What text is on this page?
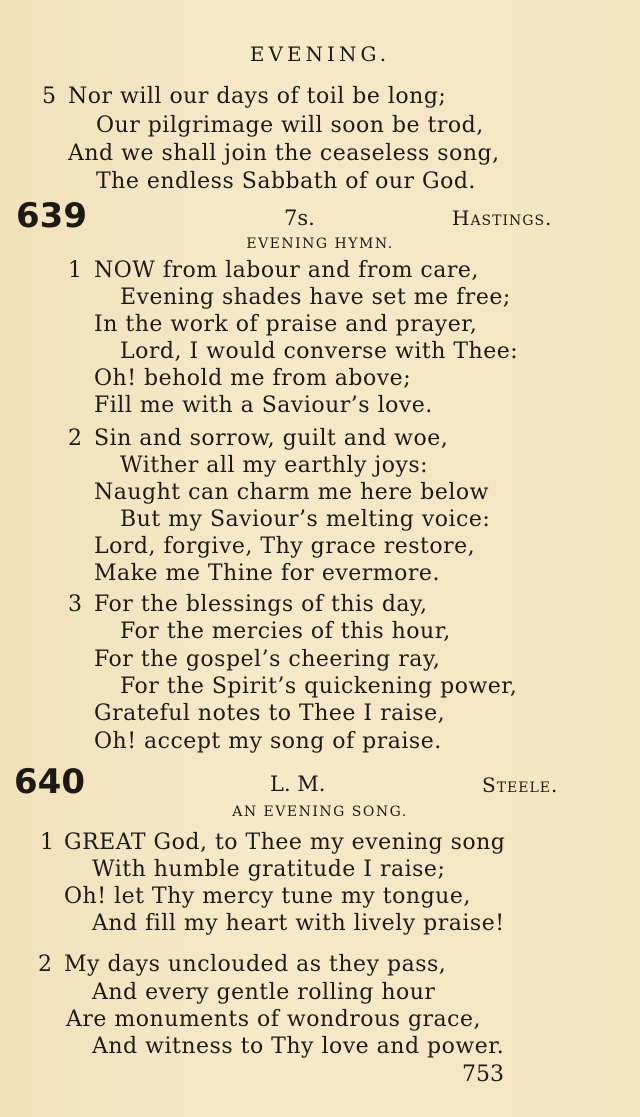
EVENING.
5 Nor will our days of toil be long;
Our pilgrimage will soon be trod,
And we shall join the ceaseless song,
The endless Sabbath of our God.
639	7s.	Hastings.
EVENING HYMN.
1 NOW from labour and from care,
Evening shades have set me free;
In the work of praise and prayer,
Lord, I would converse with Thee:
Oh! behold me from above;
Fill me with a Saviour’s love.
2 Sin and sorrow, guilt and woe,
Wither all my earthly joys:
Naught can charm me here below
But my Saviour’s melting voice:
Lord, forgive, Thy grace restore,
Make me Thine for evermore.
3 For the blessings of this day,
For the mercies of this hour,
For the gospel’s cheering ray,
For the Spirit’s quickening power,
Grateful notes to Thee I raise,
Oh! accept my song of praise.
640	L. M.	Steele.
AN EVENING SONG.
1 GREAT God, to Thee my evening song
With humble gratitude I raise;
Oh! let Thy mercy tune my tongue,
And fill my heart with lively praise!
2 My days unclouded as they pass,
And every gentle rolling hour
Are monuments of wondrous grace,
And witness to Thy love and power.
753
